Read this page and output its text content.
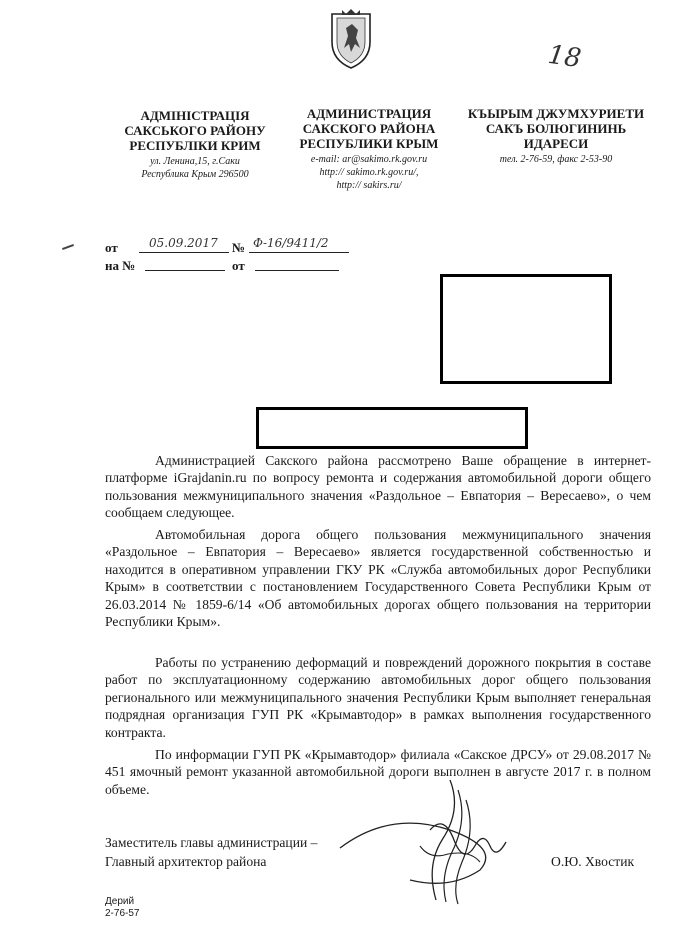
18
АДМІНІСТРАЦІЯ
САКСЬКОГО РАЙОНУ
РЕСПУБЛІКИ КРИМ
ул. Ленина,15, г.Саки
Республика Крым 296500
АДМИНИСТРАЦИЯ
САКСКОГО РАЙОНА
РЕСПУБЛИКИ КРЫМ
e-mail: ar@sakimo.rk.gov.ru
http:// sakimo.rk.gov.ru/,
http:// sakirs.ru/
КЪЫРЫМ ДЖУМХУРИЕТИ
САКЪ БОЛЮГИНИНЬ
ИДАРЕСИ
тел. 2-76-59, факс 2-53-90
от	05.09.2017 № Ф-16/9411/2
на №	от
Администрацией Сакского района рассмотрено Ваше обращение в интернет-платформе iGrajdanin.ru по вопросу ремонта и содержания автомобильной дороги общего пользования межмуниципального значения «Раздольное – Евпатория – Вересаево», о чем сообщаем следующее.
Автомобильная дорога общего пользования межмуниципального значения «Раздольное – Евпатория – Вересаево» является государственной собственностью и находится в оперативном управлении ГКУ РК «Служба автомобильных дорог Республики Крым» в соответствии с постановлением Государственного Совета Республики Крым от 26.03.2014 № 1859-6/14 «Об автомобильных дорогах общего пользования на территории Республики Крым».
Работы по устранению деформаций и повреждений дорожного покрытия в составе работ по эксплуатационному содержанию автомобильных дорог общего пользования регионального или межмуниципального значения Республики Крым выполняет генеральная подрядная организация ГУП РК «Крымавтодор» в рамках выполнения государственного контракта.
По информации ГУП РК «Крымавтодор» филиала «Сакское ДРСУ» от 29.08.2017 № 451 ямочный ремонт указанной автомобильной дороги выполнен в августе 2017 г. в полном объеме.
Заместитель главы администрации –
Главный архитектор района	О.Ю. Хвостик
Дерий
2-76-57
